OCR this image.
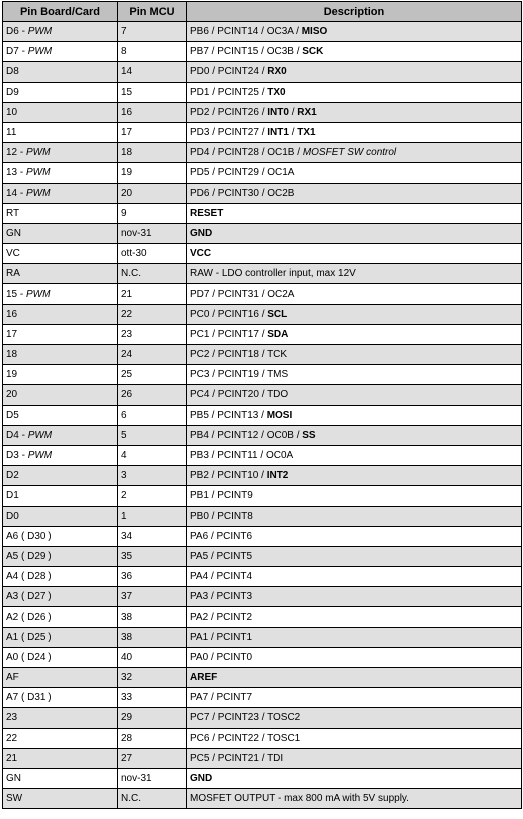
Pin Board/Card	Pin MCU	Description
D6 - PWM	7	PB6 / PCINT14 / OC3A / MISO
D7 - PWM	8	PB7 / PCINT15 / OC3B / SCK
D8	14	PD0 / PCINT24 / RX0
D9	15	PD1 / PCINT25 / TX0
10	16	PD2 / PCINT26 / INT0 / RX1
11	17	PD3 / PCINT27 / INT1 / TX1
12 - PWM	18	PD4 / PCINT28 / OC1B / MOSFET SW control
13 - PWM	19	PD5 / PCINT29 / OC1A
14 - PWM	20	PD6 / PCINT30 / OC2B
RT	9	RESET
GN	nov-31	GND
VC	ott-30	VCC
RA	N.C.	RAW - LDO controller input, max 12V
15 - PWM	21	PD7 / PCINT31 / OC2A
16	22	PC0 / PCINT16 / SCL
17	23	PC1 / PCINT17 / SDA
18	24	PC2 / PCINT18 / TCK
19	25	PC3 / PCINT19 / TMS
20	26	PC4 / PCINT20 / TDO
D5	6	PB5 / PCINT13 / MOSI
D4 - PWM	5	PB4 / PCINT12 / OC0B / SS
D3 - PWM	4	PB3 / PCINT11 / OC0A
D2	3	PB2 / PCINT10 / INT2
D1	2	PB1 / PCINT9
D0	1	PB0 / PCINT8
A6 ( D30 )	34	PA6 / PCINT6
A5 ( D29 )	35	PA5 / PCINT5
A4 ( D28 )	36	PA4 / PCINT4
A3 ( D27 )	37	PA3 / PCINT3
A2 ( D26 )	38	PA2 / PCINT2
A1 ( D25 )	38	PA1 / PCINT1
A0 ( D24 )	40	PA0 / PCINT0
AF	32	AREF
A7 ( D31 )	33	PA7 / PCINT7
23	29	PC7 / PCINT23 / TOSC2
22	28	PC6 / PCINT22 / TOSC1
21	27	PC5 / PCINT21 / TDI
GN	nov-31	GND
SW	N.C.	MOSFET OUTPUT - max 800 mA with 5V supply.
